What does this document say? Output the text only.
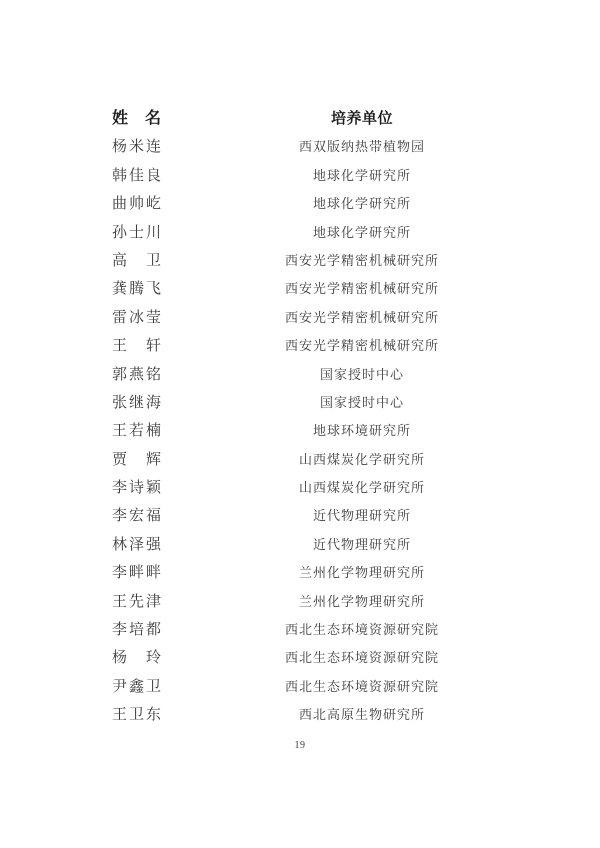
姓　名	培养单位
杨米连	西双版纳热带植物园
韩佳良	地球化学研究所
曲帅屹	地球化学研究所
孙士川	地球化学研究所
高　卫	西安光学精密机械研究所
龚腾飞	西安光学精密机械研究所
雷冰莹	西安光学精密机械研究所
王　轩	西安光学精密机械研究所
郭燕铭	国家授时中心
张继海	国家授时中心
王若楠	地球环境研究所
贾　辉	山西煤炭化学研究所
李诗颖	山西煤炭化学研究所
李宏福	近代物理研究所
林泽强	近代物理研究所
李畔畔	兰州化学物理研究所
王先津	兰州化学物理研究所
李培都	西北生态环境资源研究院
杨　玲	西北生态环境资源研究院
尹鑫卫	西北生态环境资源研究院
王卫东	西北高原生物研究所
19
